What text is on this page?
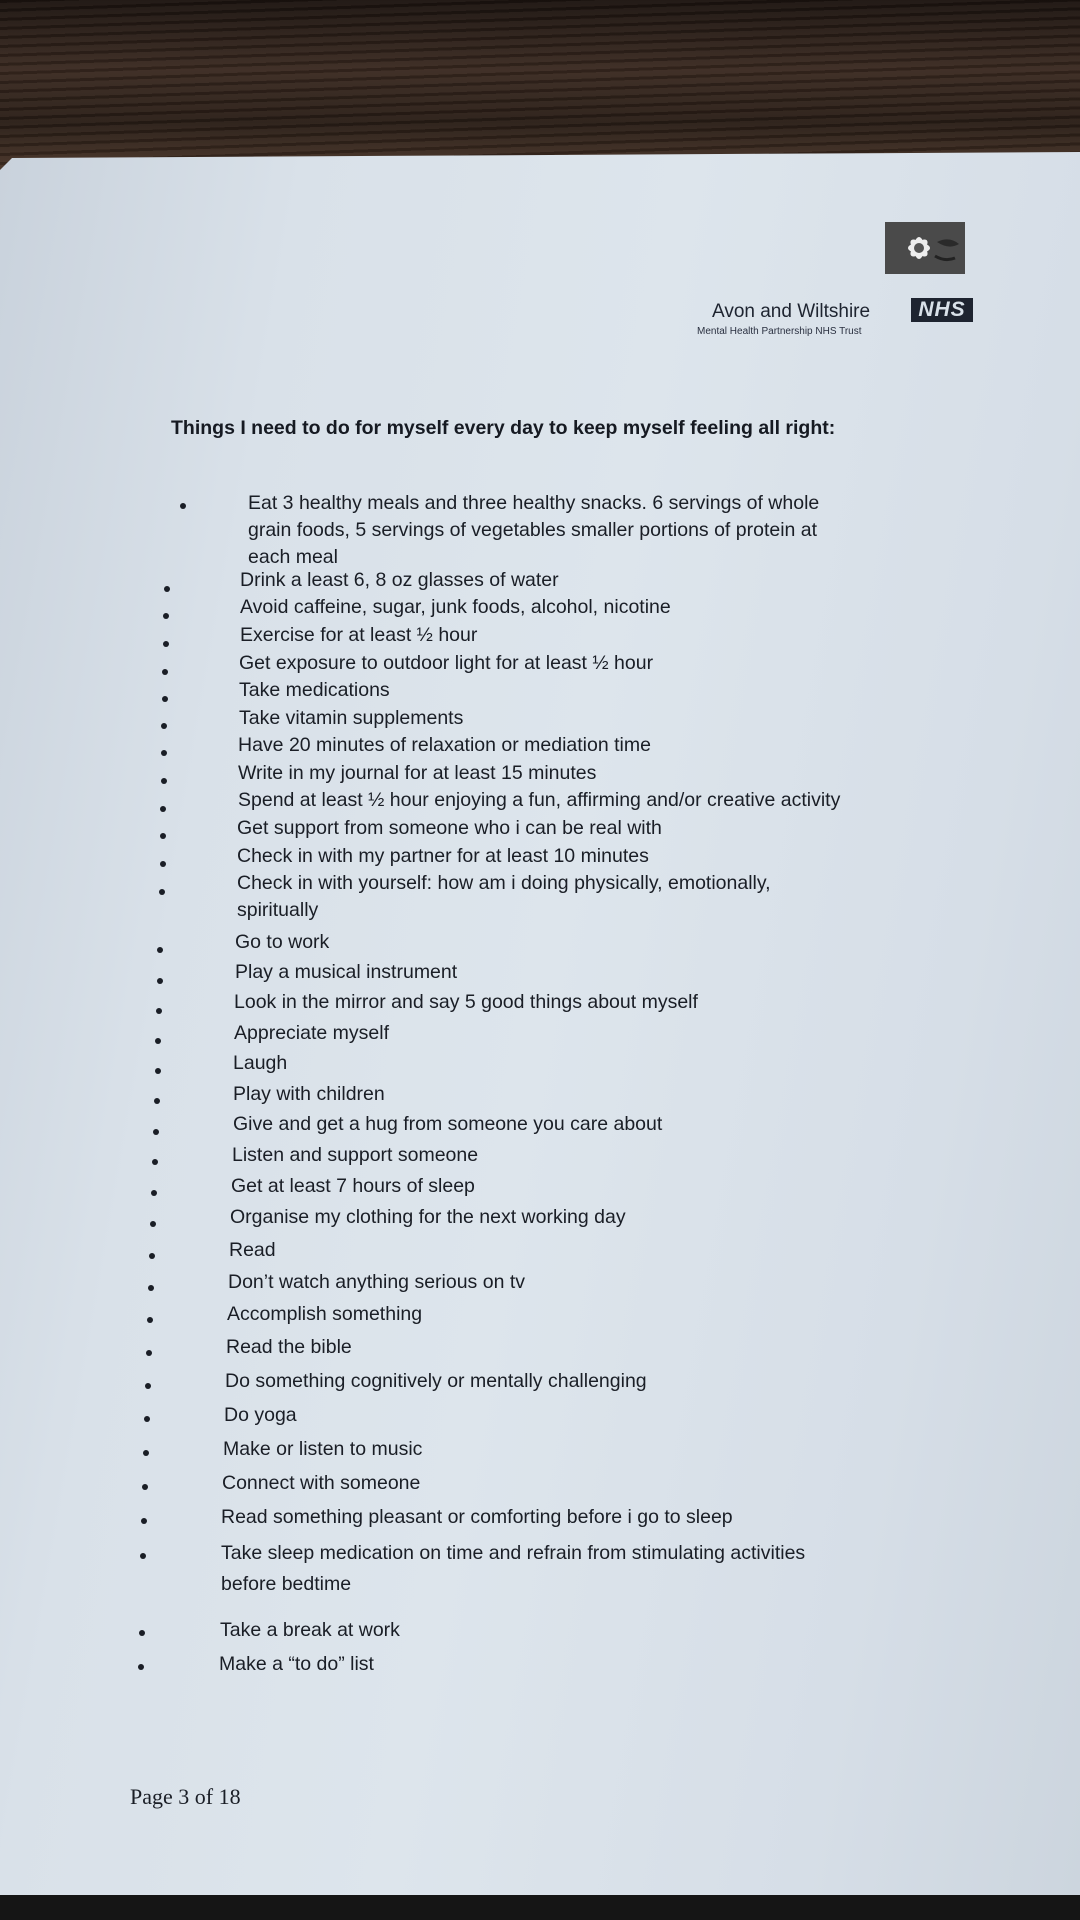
Avon and Wiltshire	NHS
Mental Health Partnership NHS Trust
Things I need to do for myself every day to keep myself feeling all right:
Eat 3 healthy meals and three healthy snacks. 6 servings of whole
grain foods, 5 servings of vegetables smaller portions of protein at
each meal
Drink a least 6, 8 oz glasses of water
Avoid caffeine, sugar, junk foods, alcohol, nicotine
Exercise for at least ½ hour
Get exposure to outdoor light for at least ½ hour
Take medications
Take vitamin supplements
Have 20 minutes of relaxation or mediation time
Write in my journal for at least 15 minutes
Spend at least ½ hour enjoying a fun, affirming and/or creative activity
Get support from someone who i can be real with
Check in with my partner for at least 10 minutes
Check in with yourself: how am i doing physically, emotionally,
spiritually
Go to work
Play a musical instrument
Look in the mirror and say 5 good things about myself
Appreciate myself
Laugh
Play with children
Give and get a hug from someone you care about
Listen and support someone
Get at least 7 hours of sleep
Organise my clothing for the next working day
Read
Don’t watch anything serious on tv
Accomplish something
Read the bible
Do something cognitively or mentally challenging
Do yoga
Make or listen to music
Connect with someone
Read something pleasant or comforting before i go to sleep
Take sleep medication on time and refrain from stimulating activities
before bedtime
Take a break at work
Make a “to do” list
Page 3 of 18
